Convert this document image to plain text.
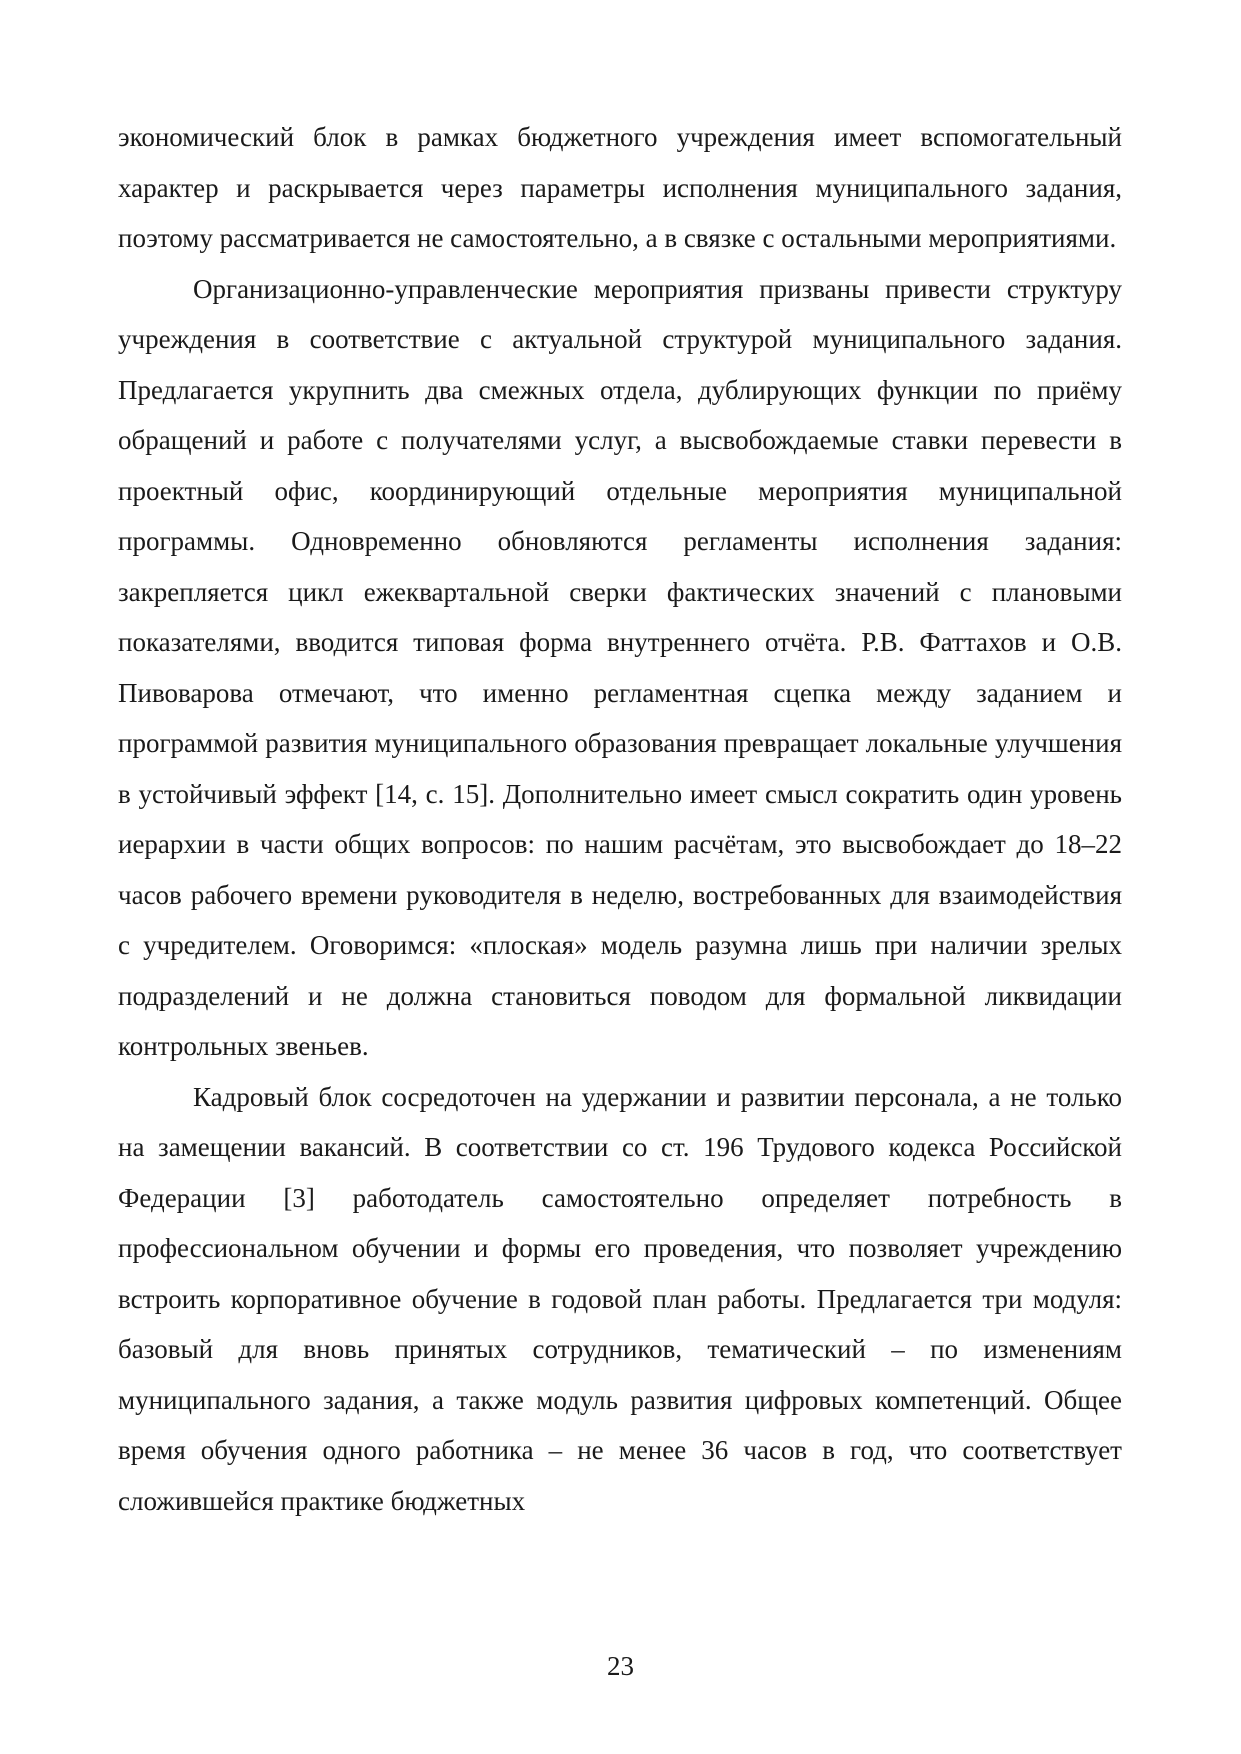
экономический блок в рамках бюджетного учреждения имеет вспомогательный характер и раскрывается через параметры исполнения муниципального задания, поэтому рассматривается не самостоятельно, а в связке с остальными мероприятиями.

Организационно-управленческие мероприятия призваны привести структуру учреждения в соответствие с актуальной структурой муниципального задания. Предлагается укрупнить два смежных отдела, дублирующих функции по приёму обращений и работе с получателями услуг, а высвобождаемые ставки перевести в проектный офис, координирующий отдельные мероприятия муниципальной программы. Одновременно обновляются регламенты исполнения задания: закрепляется цикл ежеквартальной сверки фактических значений с плановыми показателями, вводится типовая форма внутреннего отчёта. Р.В. Фаттахов и О.В. Пивоварова отмечают, что именно регламентная сцепка между заданием и программой развития муниципального образования превращает локальные улучшения в устойчивый эффект [14, с. 15]. Дополнительно имеет смысл сократить один уровень иерархии в части общих вопросов: по нашим расчётам, это высвобождает до 18–22 часов рабочего времени руководителя в неделю, востребованных для взаимодействия с учредителем. Оговоримся: «плоская» модель разумна лишь при наличии зрелых подразделений и не должна становиться поводом для формальной ликвидации контрольных звеньев.

Кадровый блок сосредоточен на удержании и развитии персонала, а не только на замещении вакансий. В соответствии со ст. 196 Трудового кодекса Российской Федерации [3] работодатель самостоятельно определяет потребность в профессиональном обучении и формы его проведения, что позволяет учреждению встроить корпоративное обучение в годовой план работы. Предлагается три модуля: базовый для вновь принятых сотрудников, тематический – по изменениям муниципального задания, а также модуль развития цифровых компетенций. Общее время обучения одного работника – не менее 36 часов в год, что соответствует сложившейся практике бюджетных

23
